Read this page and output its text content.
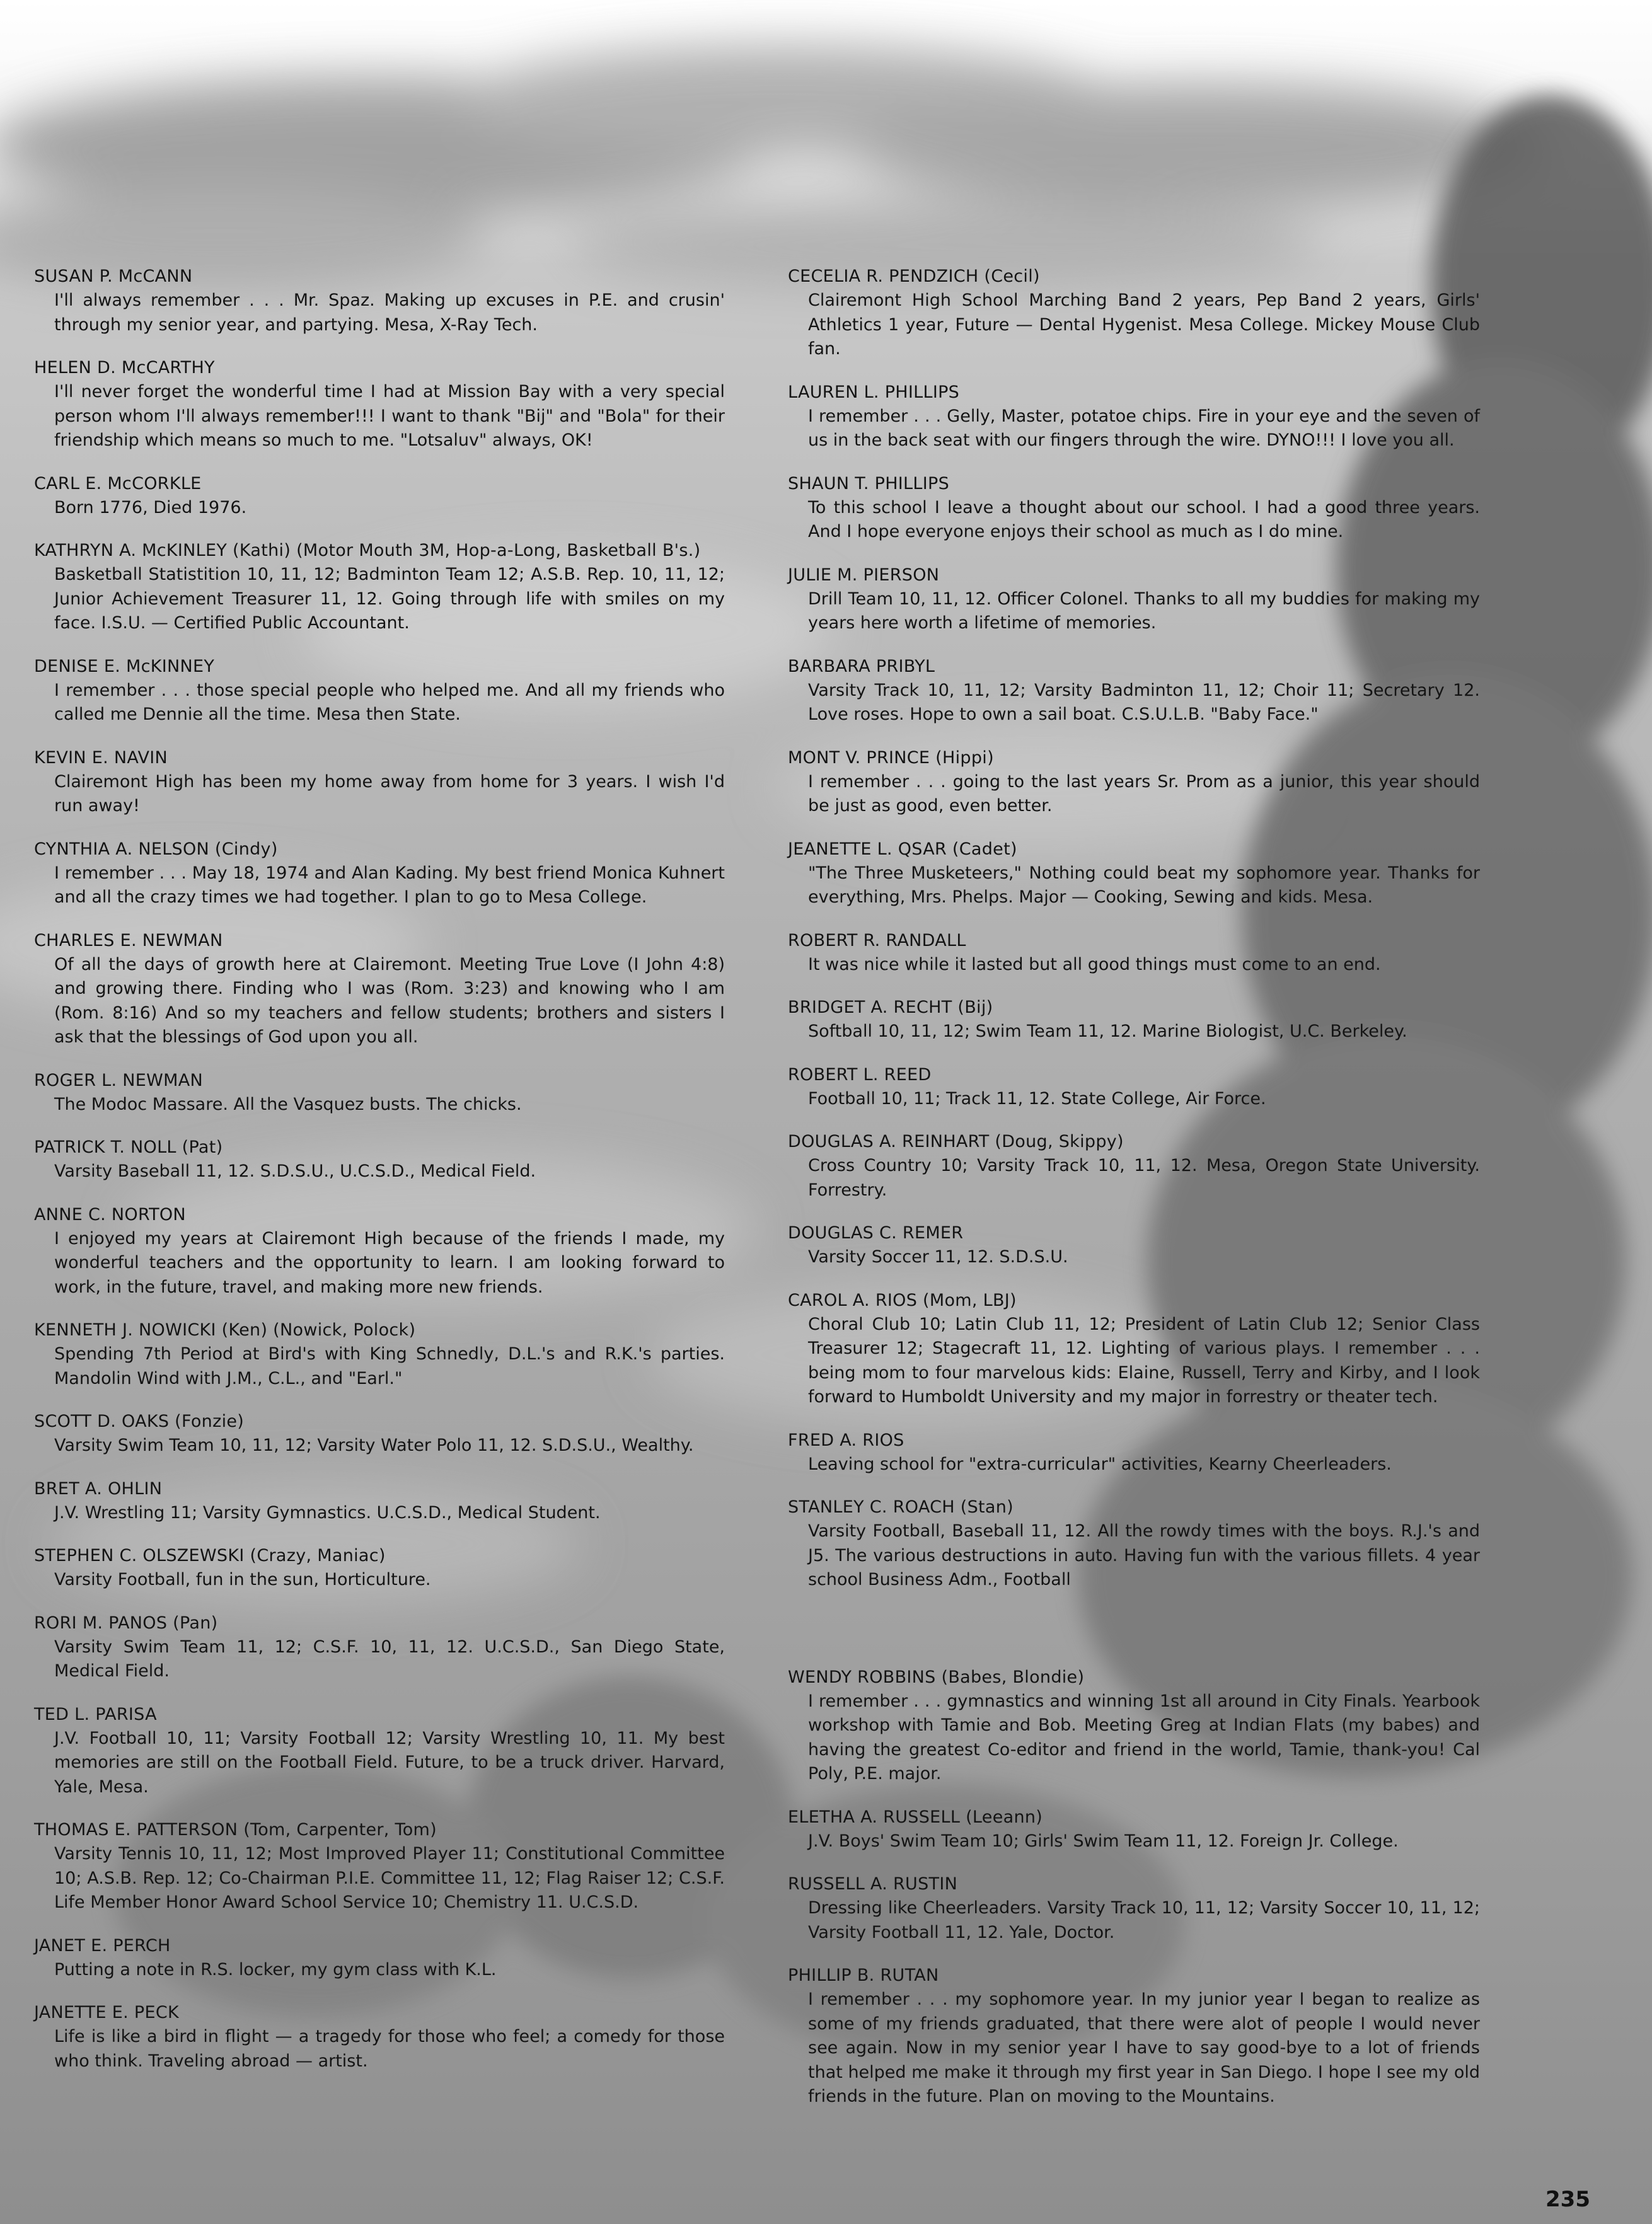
SUSAN P. McCANN
I'll always remember . . . Mr. Spaz. Making up excuses in P.E. and crusin' through my senior year, and partying. Mesa, X-Ray Tech.
HELEN D. McCARTHY
I'll never forget the wonderful time I had at Mission Bay with a very special person whom I'll always remember!!! I want to thank "Bij" and "Bola" for their friendship which means so much to me. "Lotsaluv" always, OK!
CARL E. McCORKLE
Born 1776, Died 1976.
KATHRYN A. McKINLEY (Kathi) (Motor Mouth 3M, Hop-a-Long, Basketball B's.)
Basketball Statistition 10, 11, 12; Badminton Team 12; A.S.B. Rep. 10, 11, 12; Junior Achievement Treasurer 11, 12. Going through life with smiles on my face. I.S.U. — Certified Public Accountant.
DENISE E. McKINNEY
I remember . . . those special people who helped me. And all my friends who called me Dennie all the time. Mesa then State.
KEVIN E. NAVIN
Clairemont High has been my home away from home for 3 years. I wish I'd run away!
CYNTHIA A. NELSON (Cindy)
I remember . . . May 18, 1974 and Alan Kading. My best friend Monica Kuhnert and all the crazy times we had together. I plan to go to Mesa College.
CHARLES E. NEWMAN
Of all the days of growth here at Clairemont. Meeting True Love (I John 4:8) and growing there. Finding who I was (Rom. 3:23) and knowing who I am (Rom. 8:16) And so my teachers and fellow students; brothers and sisters I ask that the blessings of God upon you all.
ROGER L. NEWMAN
The Modoc Massare. All the Vasquez busts. The chicks.
PATRICK T. NOLL (Pat)
Varsity Baseball 11, 12. S.D.S.U., U.C.S.D., Medical Field.
ANNE C. NORTON
I enjoyed my years at Clairemont High because of the friends I made, my wonderful teachers and the opportunity to learn. I am looking forward to work, in the future, travel, and making more new friends.
KENNETH J. NOWICKI (Ken) (Nowick, Polock)
Spending 7th Period at Bird's with King Schnedly, D.L.'s and R.K.'s parties. Mandolin Wind with J.M., C.L., and "Earl."
SCOTT D. OAKS (Fonzie)
Varsity Swim Team 10, 11, 12; Varsity Water Polo 11, 12. S.D.S.U., Wealthy.
BRET A. OHLIN
J.V. Wrestling 11; Varsity Gymnastics. U.C.S.D., Medical Student.
STEPHEN C. OLSZEWSKI (Crazy, Maniac)
Varsity Football, fun in the sun, Horticulture.
RORI M. PANOS (Pan)
Varsity Swim Team 11, 12; C.S.F. 10, 11, 12. U.C.S.D., San Diego State, Medical Field.
TED L. PARISA
J.V. Football 10, 11; Varsity Football 12; Varsity Wrestling 10, 11. My best memories are still on the Football Field. Future, to be a truck driver. Harvard, Yale, Mesa.
THOMAS E. PATTERSON (Tom, Carpenter, Tom)
Varsity Tennis 10, 11, 12; Most Improved Player 11; Constitutional Committee 10; A.S.B. Rep. 12; Co-Chairman P.I.E. Committee 11, 12; Flag Raiser 12; C.S.F. Life Member Honor Award School Service 10; Chemistry 11. U.C.S.D.
JANET E. PERCH
Putting a note in R.S. locker, my gym class with K.L.
JANETTE E. PECK
Life is like a bird in flight — a tragedy for those who feel; a comedy for those who think. Traveling abroad — artist.
CECELIA R. PENDZICH (Cecil)
Clairemont High School Marching Band 2 years, Pep Band 2 years, Girls' Athletics 1 year, Future — Dental Hygenist. Mesa College. Mickey Mouse Club fan.
LAUREN L. PHILLIPS
I remember . . . Gelly, Master, potatoe chips. Fire in your eye and the seven of us in the back seat with our fingers through the wire. DYNO!!! I love you all.
SHAUN T. PHILLIPS
To this school I leave a thought about our school. I had a good three years. And I hope everyone enjoys their school as much as I do mine.
JULIE M. PIERSON
Drill Team 10, 11, 12. Officer Colonel. Thanks to all my buddies for making my years here worth a lifetime of memories.
BARBARA PRIBYL
Varsity Track 10, 11, 12; Varsity Badminton 11, 12; Choir 11; Secretary 12. Love roses. Hope to own a sail boat. C.S.U.L.B. "Baby Face."
MONT V. PRINCE (Hippi)
I remember . . . going to the last years Sr. Prom as a junior, this year should be just as good, even better.
JEANETTE L. QSAR (Cadet)
"The Three Musketeers," Nothing could beat my sophomore year. Thanks for everything, Mrs. Phelps. Major — Cooking, Sewing and kids. Mesa.
ROBERT R. RANDALL
It was nice while it lasted but all good things must come to an end.
BRIDGET A. RECHT (Bij)
Softball 10, 11, 12; Swim Team 11, 12. Marine Biologist, U.C. Berkeley.
ROBERT L. REED
Football 10, 11; Track 11, 12. State College, Air Force.
DOUGLAS A. REINHART (Doug, Skippy)
Cross Country 10; Varsity Track 10, 11, 12. Mesa, Oregon State University. Forrestry.
DOUGLAS C. REMER
Varsity Soccer 11, 12. S.D.S.U.
CAROL A. RIOS (Mom, LBJ)
Choral Club 10; Latin Club 11, 12; President of Latin Club 12; Senior Class Treasurer 12; Stagecraft 11, 12. Lighting of various plays. I remember . . . being mom to four marvelous kids: Elaine, Russell, Terry and Kirby, and I look forward to Humboldt University and my major in forrestry or theater tech.
FRED A. RIOS
Leaving school for "extra-curricular" activities, Kearny Cheerleaders.
STANLEY C. ROACH (Stan)
Varsity Football, Baseball 11, 12. All the rowdy times with the boys. R.J.'s and J5. The various destructions in auto. Having fun with the various fillets. 4 year school Business Adm., Football
WENDY ROBBINS (Babes, Blondie)
I remember . . . gymnastics and winning 1st all around in City Finals. Yearbook workshop with Tamie and Bob. Meeting Greg at Indian Flats (my babes) and having the greatest Co-editor and friend in the world, Tamie, thank-you! Cal Poly, P.E. major.
ELETHA A. RUSSELL (Leeann)
J.V. Boys' Swim Team 10; Girls' Swim Team 11, 12. Foreign Jr. College.
RUSSELL A. RUSTIN
Dressing like Cheerleaders. Varsity Track 10, 11, 12; Varsity Soccer 10, 11, 12; Varsity Football 11, 12. Yale, Doctor.
PHILLIP B. RUTAN
I remember . . . my sophomore year. In my junior year I began to realize as some of my friends graduated, that there were alot of people I would never see again. Now in my senior year I have to say good-bye to a lot of friends that helped me make it through my first year in San Diego. I hope I see my old friends in the future. Plan on moving to the Mountains.
235
